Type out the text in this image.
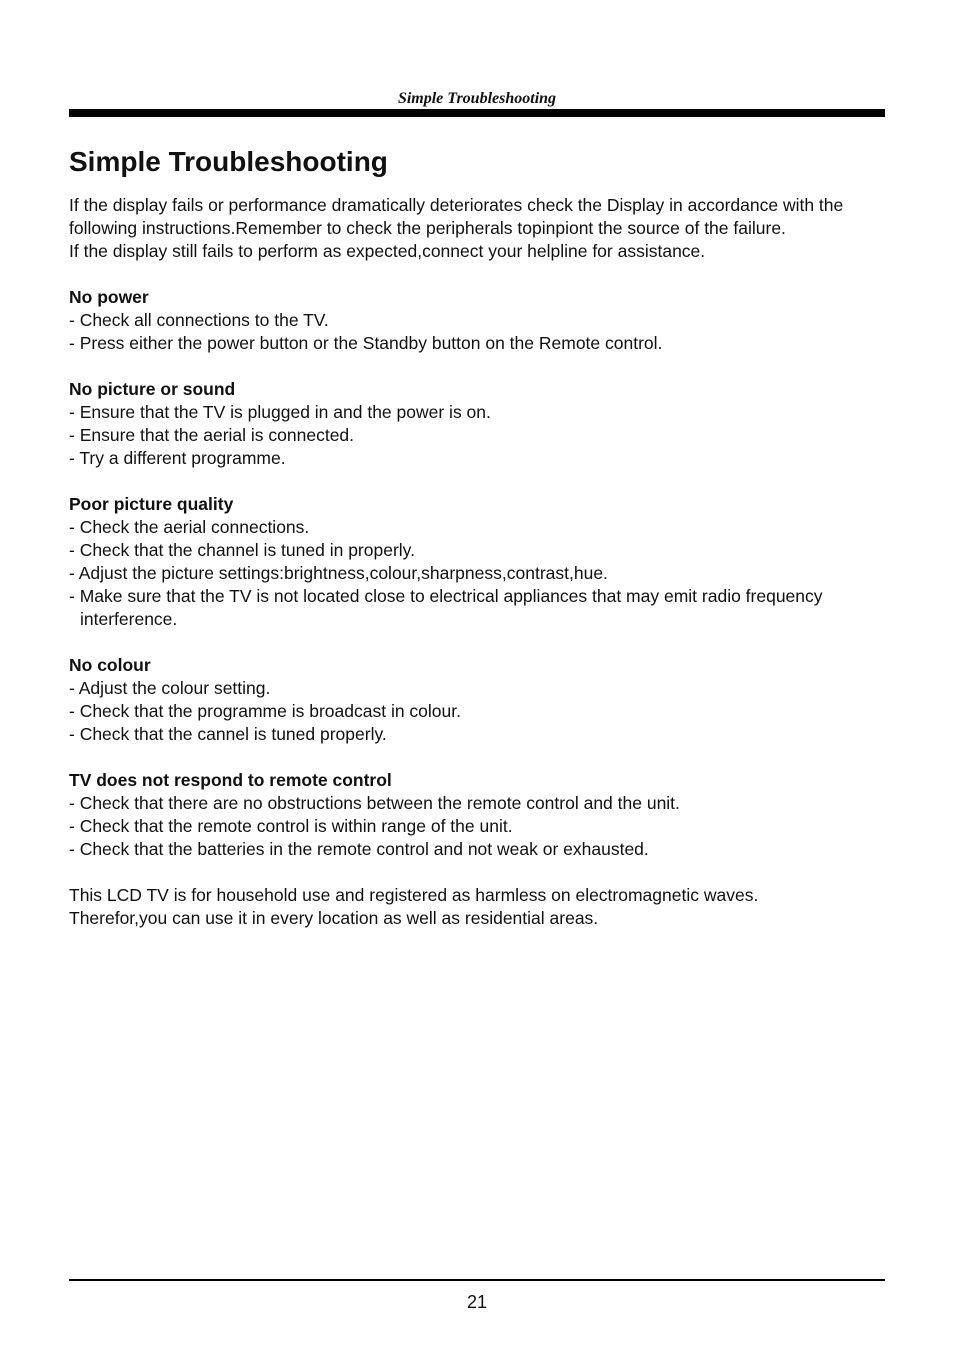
Simple Troubleshooting
Simple Troubleshooting

If the display fails or performance dramatically deteriorates check the Display in accordance with the following instructions.Remember to check the peripherals topinpiont the source of the failure.

If the display still fails to perform as expected,connect your helpline for assistance.

No power

- Check all connections to the TV.

- Press either the power button or the Standby button on the Remote control.

No picture or sound

- Ensure that the TV is plugged in and the power is on.

- Ensure that the aerial is connected.

- Try a different programme.

Poor picture quality

- Check the aerial connections.

- Check that the channel is tuned in properly.

- Adjust the picture settings:brightness,colour,sharpness,contrast,hue.

- Make sure that the TV is not located close to electrical appliances that may emit radio frequency interference.

No colour

- Adjust the colour setting.

- Check that the programme is broadcast in colour.

- Check that the cannel is tuned properly.

TV does not respond to remote control

- Check that there are no obstructions between the remote control and the unit.

- Check that the remote control is within range of the unit.

- Check that the batteries in the remote control and not weak or exhausted.

This LCD TV is for household use and registered as harmless on electromagnetic waves.

Therefor,you can use it in every location as well as residential areas.

21
